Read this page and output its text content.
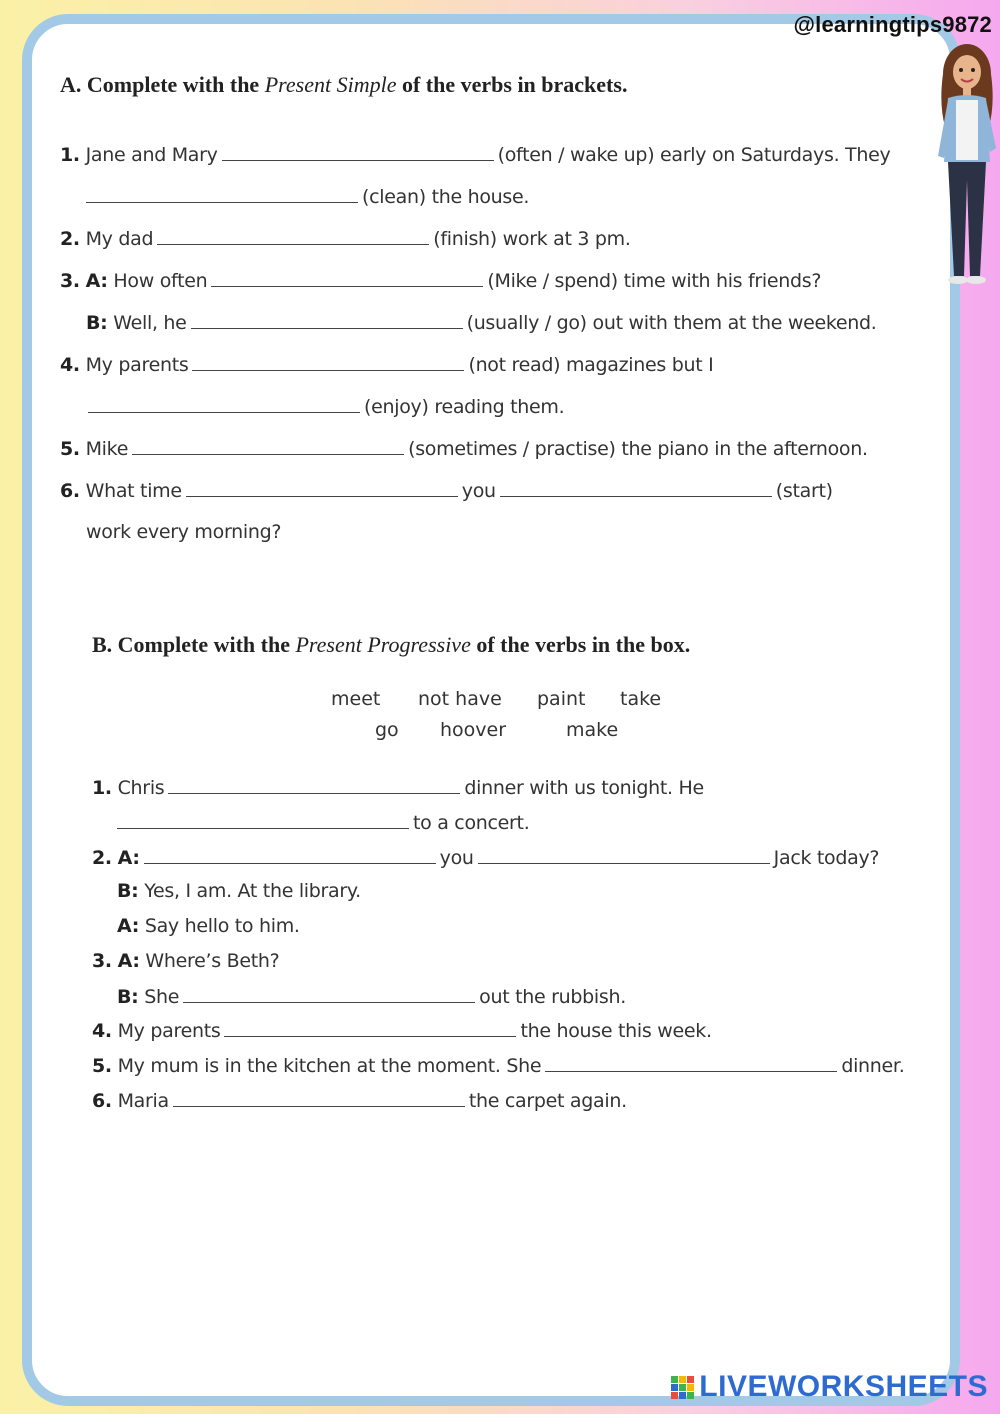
@learningtips9872
A. Complete with the Present Simple of the verbs in brackets.
1. Jane and Mary	(often / wake up) early on Saturdays. They
(clean) the house.
2. My dad	(finish) work at 3 pm.
3. A: How often	(Mike / spend) time with his friends?
B: Well, he	(usually / go) out with them at the weekend.
4. My parents	(not read) magazines but I
(enjoy) reading them.
5. Mike	(sometimes / practise) the piano in the afternoon.
6. What time	you	(start)
work every morning?
B. Complete with the Present Progressive of the verbs in the box.
meet not have paint take
go hoover	make
1. Chris	dinner with us tonight. He
to a concert.
2. A:	you	Jack today?
B: Yes, I am. At the library.
A: Say hello to him.
3. A: Where’s Beth?
B: She	out the rubbish.
4. My parents	the house this week.
5. My mum is in the kitchen at the moment. She	dinner.
6. Maria	the carpet again.
LIVEWORKSHEETS
